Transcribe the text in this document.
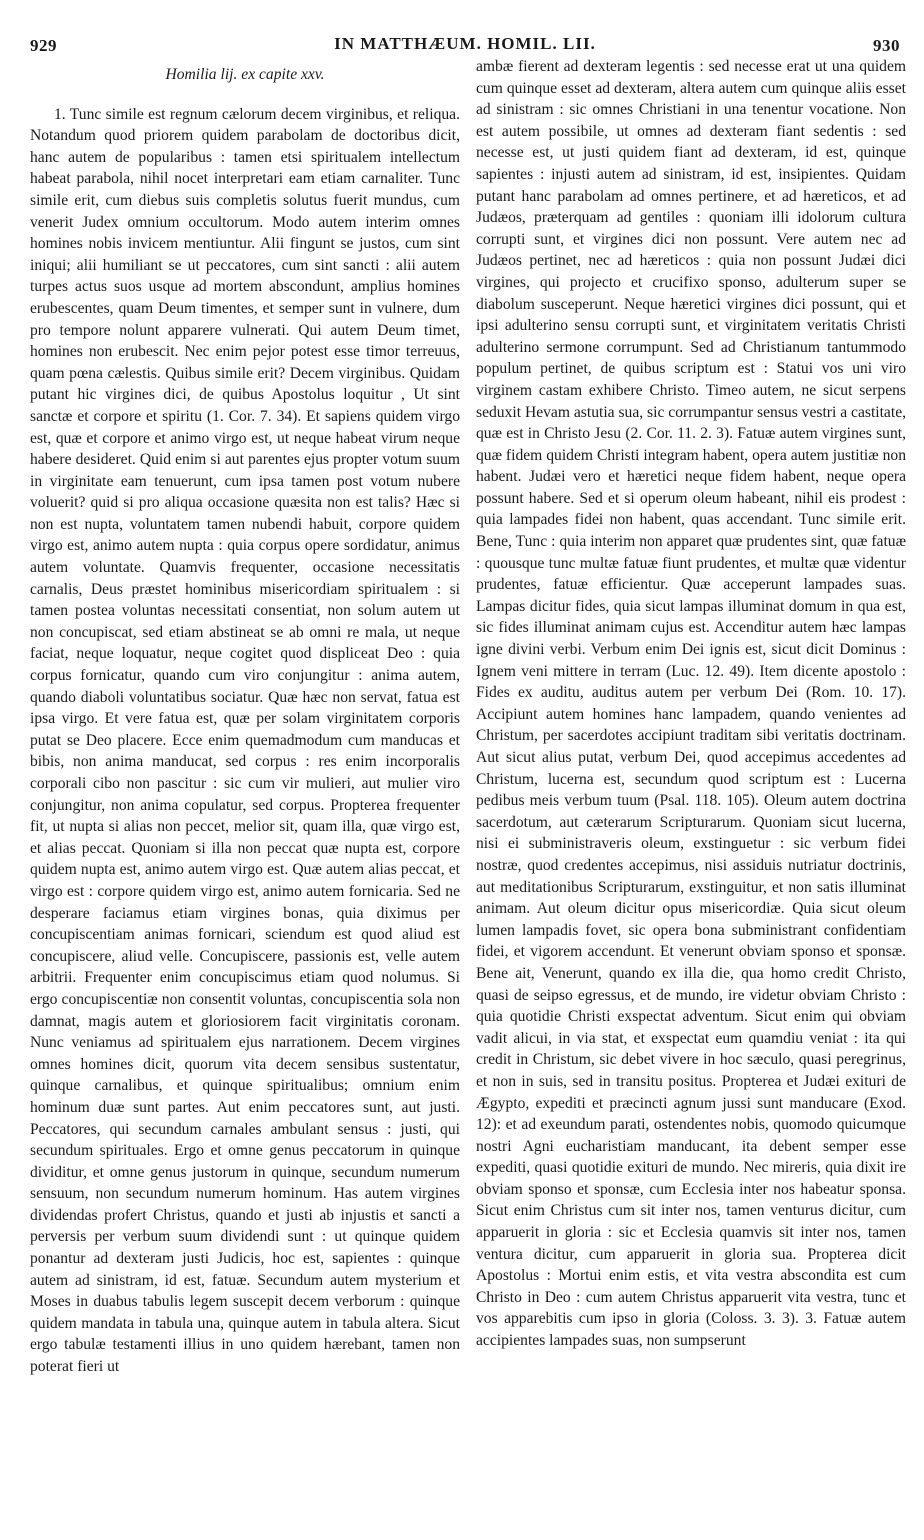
929	IN MATTHÆUM. HOMIL. LII.	930
Homilia lij. ex capite xxv.

1. Tunc simile est regnum cælorum decem virginibus, et reliqua. Notandum quod priorem quidem parabolam de doctoribus dicit, hanc autem de popularibus : tamen etsi spiritualem intellectum habeat parabola, nihil nocet interpretari eam etiam carnaliter. Tunc simile erit, cum diebus suis completis solutus fuerit mundus, cum venerit Judex omnium occultorum. Modo autem interim omnes homines nobis invicem mentiuntur. Alii fingunt se justos, cum sint iniqui; alii humiliant se ut peccatores, cum sint sancti : alii autem turpes actus suos usque ad mortem abscondunt, amplius homines erubescentes, quam Deum timentes, et semper sunt in vulnere, dum pro tempore nolunt apparere vulnerati. Qui autem Deum timet, homines non erubescit. Nec enim pejor potest esse timor terreuus, quam pœna cælestis. Quibus simile erit? Decem virginibus. Quidam putant hic virgines dici, de quibus Apostolus loquitur , Ut sint sanctæ et corpore et spiritu (1. Cor. 7. 34). Et sapiens quidem virgo est, quæ et corpore et animo virgo est, ut neque habeat virum neque habere desideret. Quid enim si aut parentes ejus propter votum suum in virginitate eam tenuerunt, cum ipsa tamen post votum nubere voluerit? quid si pro aliqua occasione quæsita non est talis? Hæc si non est nupta, voluntatem tamen nubendi habuit, corpore quidem virgo est, animo autem nupta : quia corpus opere sordidatur, animus autem voluntate. Quamvis frequenter, occasione necessitatis carnalis, Deus præstet hominibus misericordiam spiritualem : si tamen postea voluntas necessitati consentiat, non solum autem ut non concupiscat, sed etiam abstineat se ab omni re mala, ut neque faciat, neque loquatur, neque cogitet quod displiceat Deo : quia corpus fornicatur, quando cum viro conjungitur : anima autem, quando diaboli voluntatibus sociatur. Quæ hæc non servat, fatua est ipsa virgo. Et vere fatua est, quæ per solam virginitatem corporis putat se Deo placere. Ecce enim quemadmodum cum manducas et bibis, non anima manducat, sed corpus : res enim incorporalis corporali cibo non pascitur : sic cum vir mulieri, aut mulier viro conjungitur, non anima copulatur, sed corpus. Propterea frequenter fit, ut nupta si alias non peccet, melior sit, quam illa, quæ virgo est, et alias peccat. Quoniam si illa non peccat quæ nupta est, corpore quidem nupta est, animo autem virgo est. Quæ autem alias peccat, et virgo est : corpore quidem virgo est, animo autem fornicaria. Sed ne desperare faciamus etiam virgines bonas, quia diximus per concupiscentiam animas fornicari, sciendum est quod aliud est concupiscere, aliud velle. Concupiscere, passionis est, velle autem arbitrii. Frequenter enim concupiscimus etiam quod nolumus. Si ergo concupiscentiæ non consentit voluntas, concupiscentia sola non damnat, magis autem et gloriosiorem facit virginitatis coronam. Nunc veniamus ad spiritualem ejus narrationem. Decem virgines omnes homines dicit, quorum vita decem sensibus sustentatur, quinque carnalibus, et quinque spiritualibus; omnium enim hominum duæ sunt partes. Aut enim peccatores sunt, aut justi. Peccatores, qui secundum carnales ambulant sensus : justi, qui secundum spirituales. Ergo et omne genus peccatorum in quinque dividitur, et omne genus justorum in quinque, secundum numerum sensuum, non secundum numerum hominum. Has autem virgines dividendas profert Christus, quando et justi ab injustis et sancti a perversis per verbum suum dividendi sunt : ut quinque quidem ponantur ad dexteram justi Judicis, hoc est, sapientes : quinque autem ad sinistram, id est, fatuæ. Secundum autem mysterium et Moses in duabus tabulis legem suscepit decem verborum : quinque quidem mandata in tabula una, quinque autem in tabula altera. Sicut ergo tabulæ testamenti illius in uno quidem hærebant, tamen non poterat fieri ut

ambæ fierent ad dexteram legentis : sed necesse erat ut una quidem cum quinque esset ad dexteram, altera autem cum quinque aliis esset ad sinistram : sic omnes Christiani in una tenentur vocatione. Non est autem possibile, ut omnes ad dexteram fiant sedentis : sed necesse est, ut justi quidem fiant ad dexteram, id est, quinque sapientes : injusti autem ad sinistram, id est, insipientes. Quidam putant hanc parabolam ad omnes pertinere, et ad hæreticos, et ad Judæos, præterquam ad gentiles : quoniam illi idolorum cultura corrupti sunt, et virgines dici non possunt. Vere autem nec ad Judæos pertinet, nec ad hæreticos : quia non possunt Judæi dici virgines, qui projecto et crucifixo sponso, adulterum super se diabolum susceperunt. Neque hæretici virgines dici possunt, qui et ipsi adulterino sensu corrupti sunt, et virginitatem veritatis Christi adulterino sermone corrumpunt. Sed ad Christianum tantummodo populum pertinet, de quibus scriptum est : Statui vos uni viro virginem castam exhibere Christo. Timeo autem, ne sicut serpens seduxit Hevam astutia sua, sic corrumpantur sensus vestri a castitate, quæ est in Christo Jesu (2. Cor. 11. 2. 3). Fatuæ autem virgines sunt, quæ fidem quidem Christi integram habent, opera autem justitiæ non habent. Judæi vero et hæretici neque fidem habent, neque opera possunt habere. Sed et si operum oleum habeant, nihil eis prodest : quia lampades fidei non habent, quas accendant. Tunc simile erit. Bene, Tunc : quia interim non apparet quæ prudentes sint, quæ fatuæ : quousque tunc multæ fatuæ fiunt prudentes, et multæ quæ videntur prudentes, fatuæ efficientur. Quæ acceperunt lampades suas. Lampas dicitur fides, quia sicut lampas illuminat domum in qua est, sic fides illuminat animam cujus est. Accenditur autem hæc lampas igne divini verbi. Verbum enim Dei ignis est, sicut dicit Dominus : Ignem veni mittere in terram (Luc. 12. 49). Item dicente apostolo : Fides ex auditu, auditus autem per verbum Dei (Rom. 10. 17). Accipiunt autem homines hanc lampadem, quando venientes ad Christum, per sacerdotes accipiunt traditam sibi veritatis doctrinam. Aut sicut alius putat, verbum Dei, quod accepimus accedentes ad Christum, lucerna est, secundum quod scriptum est : Lucerna pedibus meis verbum tuum (Psal. 118. 105). Oleum autem doctrina sacerdotum, aut cæterarum Scripturarum. Quoniam sicut lucerna, nisi ei subministraveris oleum, exstinguetur : sic verbum fidei nostræ, quod credentes accepimus, nisi assiduis nutriatur doctrinis, aut meditationibus Scripturarum, exstinguitur, et non satis illuminat animam. Aut oleum dicitur opus misericordiæ. Quia sicut oleum lumen lampadis fovet, sic opera bona subministrant confidentiam fidei, et vigorem accendunt. Et venerunt obviam sponso et sponsæ. Bene ait, Venerunt, quando ex illa die, qua homo credit Christo, quasi de seipso egressus, et de mundo, ire videtur obviam Christo : quia quotidie Christi exspectat adventum. Sicut enim qui obviam vadit alicui, in via stat, et exspectat eum quamdiu veniat : ita qui credit in Christum, sic debet vivere in hoc sæculo, quasi peregrinus, et non in suis, sed in transitu positus. Propterea et Judæi exituri de Ægypto, expediti et præcincti agnum jussi sunt manducare (Exod. 12): et ad exeundum parati, ostendentes nobis, quomodo quicumque nostri Agni eucharistiam manducant, ita debent semper esse expediti, quasi quotidie exituri de mundo. Nec mireris, quia dixit ire obviam sponso et sponsæ, cum Ecclesia inter nos habeatur sponsa. Sicut enim Christus cum sit inter nos, tamen venturus dicitur, cum apparuerit in gloria : sic et Ecclesia quamvis sit inter nos, tamen ventura dicitur, cum apparuerit in gloria sua. Propterea dicit Apostolus : Mortui enim estis, et vita vestra abscondita est cum Christo in Deo : cum autem Christus apparuerit vita vestra, tunc et vos apparebitis cum ipso in gloria (Coloss. 3. 3). 3. Fatuæ autem accipientes lampades suas, non sumpserunt
